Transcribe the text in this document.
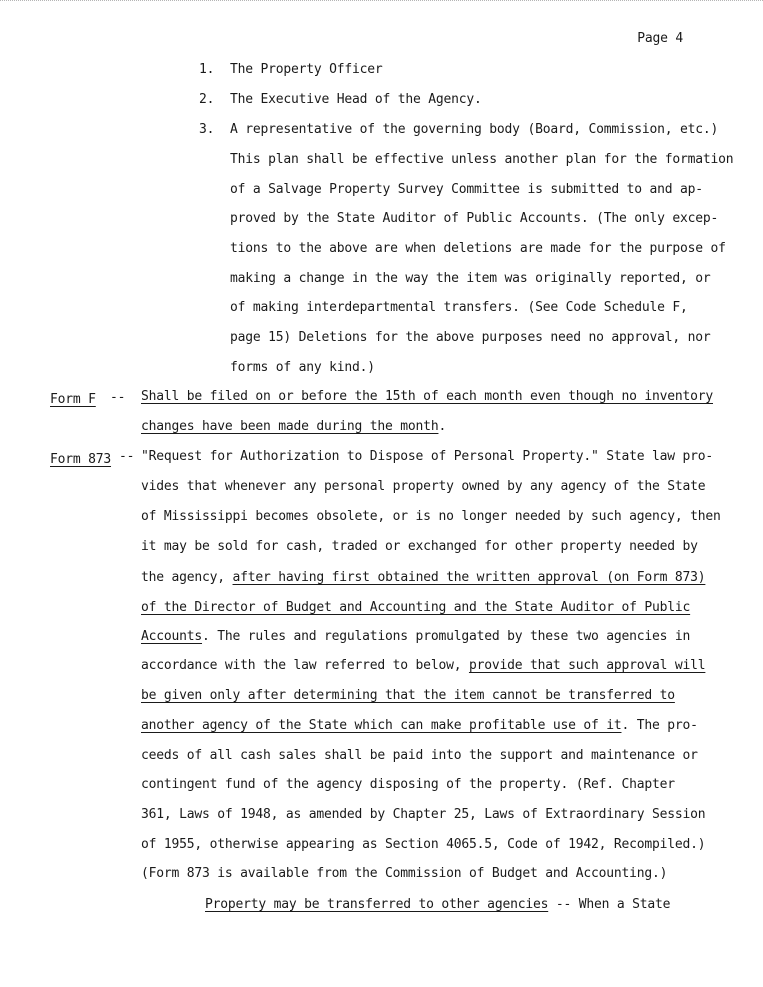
Page 4
1. The Property Officer
2. The Executive Head of the Agency.
3. A representative of the governing body (Board, Commission, etc.)
This plan shall be effective unless another plan for the formation
of a Salvage Property Survey Committee is submitted to and ap-
proved by the State Auditor of Public Accounts. (The only excep-
tions to the above are when deletions are made for the purpose of
making a change in the way the item was originally reported, or
of making interdepartmental transfers. (See Code Schedule F,
page 15) Deletions for the above purposes need no approval, nor
forms of any kind.)
Form F -- Shall be filed on or before the 15th of each month even though no inventory
changes have been made during the month.
Form 873 -- "Request for Authorization to Dispose of Personal Property." State law pro-
vides that whenever any personal property owned by any agency of the State
of Mississippi becomes obsolete, or is no longer needed by such agency, then
it may be sold for cash, traded or exchanged for other property needed by
the agency, after having first obtained the written approval (on Form 873)
of the Director of Budget and Accounting and the State Auditor of Public
Accounts. The rules and regulations promulgated by these two agencies in
accordance with the law referred to below, provide that such approval will
be given only after determining that the item cannot be transferred to
another agency of the State which can make profitable use of it. The pro-
ceeds of all cash sales shall be paid into the support and maintenance or
contingent fund of the agency disposing of the property. (Ref. Chapter
361, Laws of 1948, as amended by Chapter 25, Laws of Extraordinary Session
of 1955, otherwise appearing as Section 4065.5, Code of 1942, Recompiled.)
(Form 873 is available from the Commission of Budget and Accounting.)
Property may be transferred to other agencies -- When a State
